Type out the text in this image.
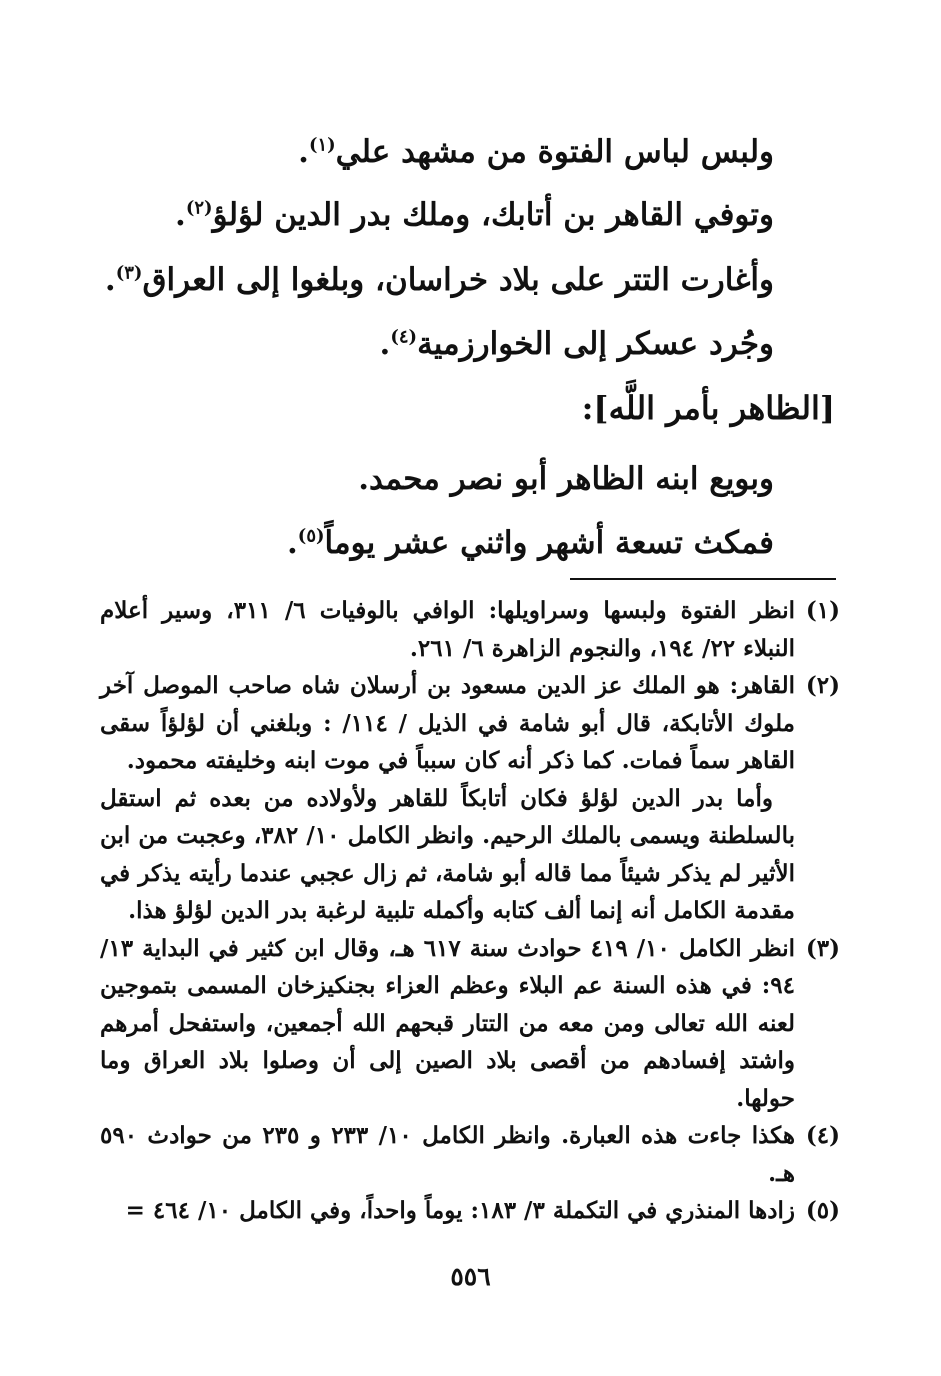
ولبس لباس الفتوة من مشهد علي$^{(١)}$.
وتوفي القاهر بن أتابك، وملك بدر الدين لؤلؤ$^{(٢)}$.
وأغارت التتر على بلاد خراسان، وبلغوا إلى العراق$^{(٣)}$.
وجُرد عسكر إلى الخوارزمية$^{(٤)}$.
[الظاهر بأمر اللَّه]:
وبويع ابنه الظاهر أبو نصر محمد.
فمكث تسعة أشهر واثني عشر يوماً$^{(٥)}$.
(١)
انظر الفتوة ولبسها وسراويلها: الوافي بالوفيات ٦/ ٣١١، وسير أعلام النبلاء ٢٢/ ١٩٤، والنجوم الزاهرة ٦/ ٢٦١.
(٢)
القاهر: هو الملك عز الدين مسعود بن أرسلان شاه صاحب الموصل آخر ملوك الأتابكة، قال أبو شامة في الذيل / ١١٤/ : وبلغني أن لؤلؤاً سقى القاهر سماً فمات. كما ذكر أنه كان سبباً في موت ابنه وخليفته محمود.

وأما بدر الدين لؤلؤ فكان أتابكاً للقاهر ولأولاده من بعده ثم استقل بالسلطنة ويسمى بالملك الرحيم. وانظر الكامل ١٠/ ٣٨٢، وعجبت من ابن الأثير لم يذكر شيئاً مما قاله أبو شامة، ثم زال عجبي عندما رأيته يذكر في مقدمة الكامل أنه إنما ألف كتابه وأكمله تلبية لرغبة بدر الدين لؤلؤ هذا.

(٣)
انظر الكامل ١٠/ ٤١٩ حوادث سنة ٦١٧ هـ، وقال ابن كثير في البداية ١٣/ ٩٤: في هذه السنة عم البلاء وعظم العزاء بجنكيزخان المسمى بتموجين لعنه الله تعالى ومن معه من التتار قبحهم الله أجمعين، واستفحل أمرهم واشتد إفسادهم من أقصى بلاد الصين إلى أن وصلوا بلاد العراق وما حولها.
(٤)
هكذا جاءت هذه العبارة. وانظر الكامل ١٠/ ٢٣٣ و ٢٣٥ من حوادث ٥٩٠ هـ.
(٥)
زادها المنذري في التكملة ٣/ ١٨٣: يوماً واحداً، وفي الكامل ١٠/ ٤٦٤ =
٥٥٦
